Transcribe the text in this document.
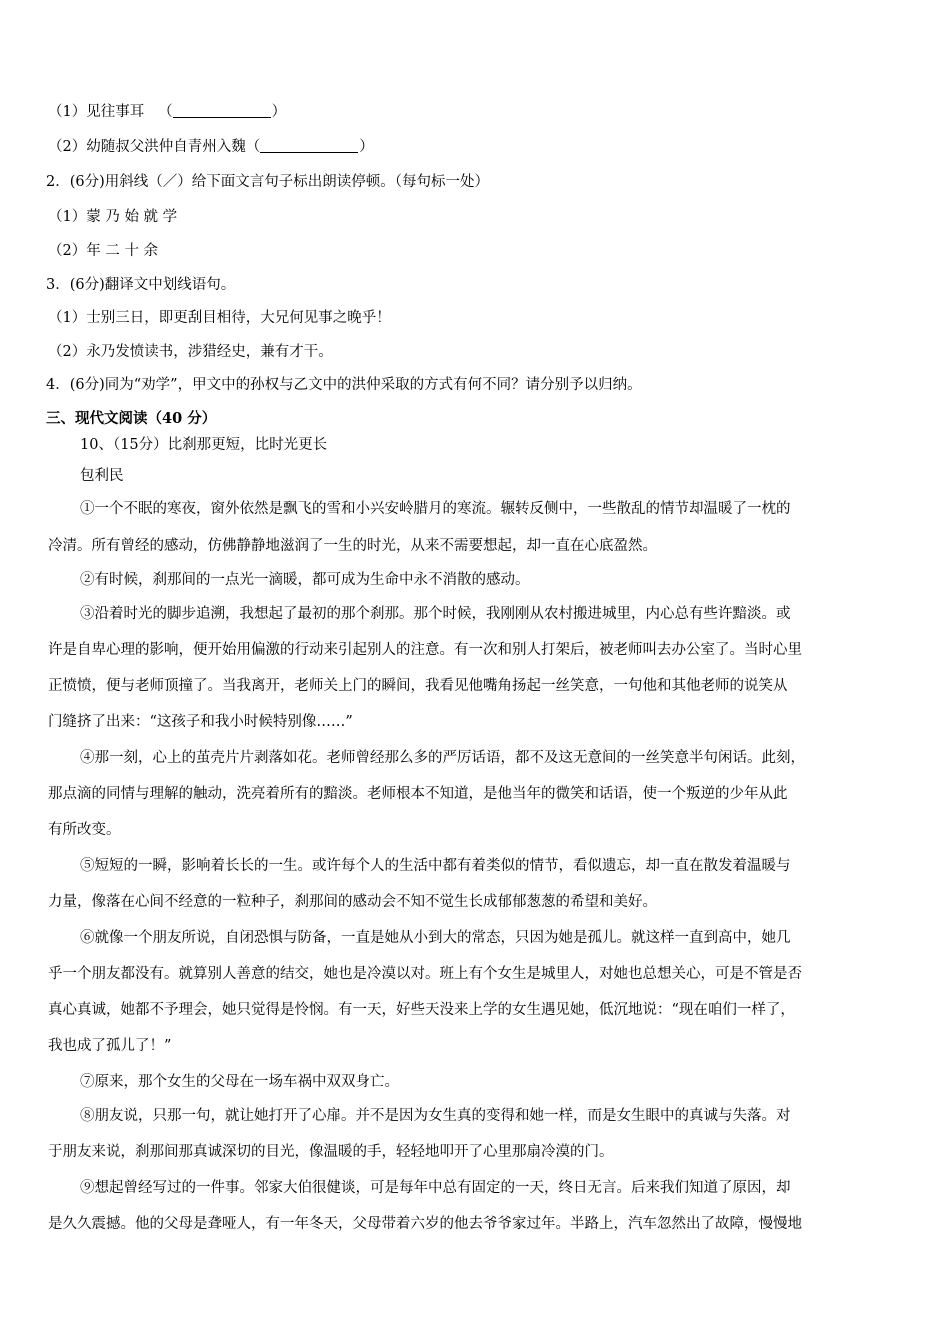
（1）见往事耳 （	）
（2）幼随叔父洪仲自青州入魏（	）
2．(6分)用斜线（／）给下面文言句子标出朗读停顿。（每句标一处）
（1）蒙 乃 始 就 学
（2）年 二 十 余
3．(6分)翻译文中划线语句。
（1）士别三日，即更刮目相待，大兄何见事之晚乎！
（2）永乃发愤读书，涉猎经史，兼有才干。
4．(6分)同为“劝学”，甲文中的孙权与乙文中的洪仲采取的方式有何不同？请分别予以归纳。
三、现代文阅读（40 分）
10、（15分）比刹那更短，比时光更长
包利民
①一个不眠的寒夜，窗外依然是飘飞的雪和小兴安岭腊月的寒流。辗转反侧中，一些散乱的情节却温暖了一枕的
冷清。所有曾经的感动，仿佛静静地滋润了一生的时光，从来不需要想起，却一直在心底盈然。
②有时候，刹那间的一点光一滴暖，都可成为生命中永不消散的感动。
③沿着时光的脚步追溯，我想起了最初的那个刹那。那个时候，我刚刚从农村搬进城里，内心总有些许黯淡。或
许是自卑心理的影响，便开始用偏激的行动来引起别人的注意。有一次和别人打架后，被老师叫去办公室了。当时心里
正愤愤，便与老师顶撞了。当我离开，老师关上门的瞬间，我看见他嘴角扬起一丝笑意，一句他和其他老师的说笑从
门缝挤了出来：“这孩子和我小时候特别像……”
④那一刻，心上的茧壳片片剥落如花。老师曾经那么多的严厉话语，都不及这无意间的一丝笑意半句闲话。此刻，
那点滴的同情与理解的触动，洗亮着所有的黯淡。老师根本不知道，是他当年的微笑和话语，使一个叛逆的少年从此
有所改变。
⑤短短的一瞬，影响着长长的一生。或许每个人的生活中都有着类似的情节，看似遗忘，却一直在散发着温暖与
力量，像落在心间不经意的一粒种子，刹那间的感动会不知不觉生长成郁郁葱葱的希望和美好。
⑥就像一个朋友所说，自闭恐惧与防备，一直是她从小到大的常态，只因为她是孤儿。就这样一直到高中，她几
乎一个朋友都没有。就算别人善意的结交，她也是冷漠以对。班上有个女生是城里人，对她也总想关心，可是不管是否
真心真诚，她都不予理会，她只觉得是怜悯。有一天，好些天没来上学的女生遇见她，低沉地说：“现在咱们一样了，
我也成了孤儿了！”
⑦原来，那个女生的父母在一场车祸中双双身亡。
⑧朋友说，只那一句，就让她打开了心扉。并不是因为女生真的变得和她一样，而是女生眼中的真诚与失落。对
于朋友来说，刹那间那真诚深切的目光，像温暖的手，轻轻地叩开了心里那扇冷漠的门。
⑨想起曾经写过的一件事。邻家大伯很健谈，可是每年中总有固定的一天，终日无言。后来我们知道了原因，却
是久久震撼。他的父母是聋哑人，有一年冬天，父母带着六岁的他去爷爷家过年。半路上，汽车忽然出了故障，慢慢地
